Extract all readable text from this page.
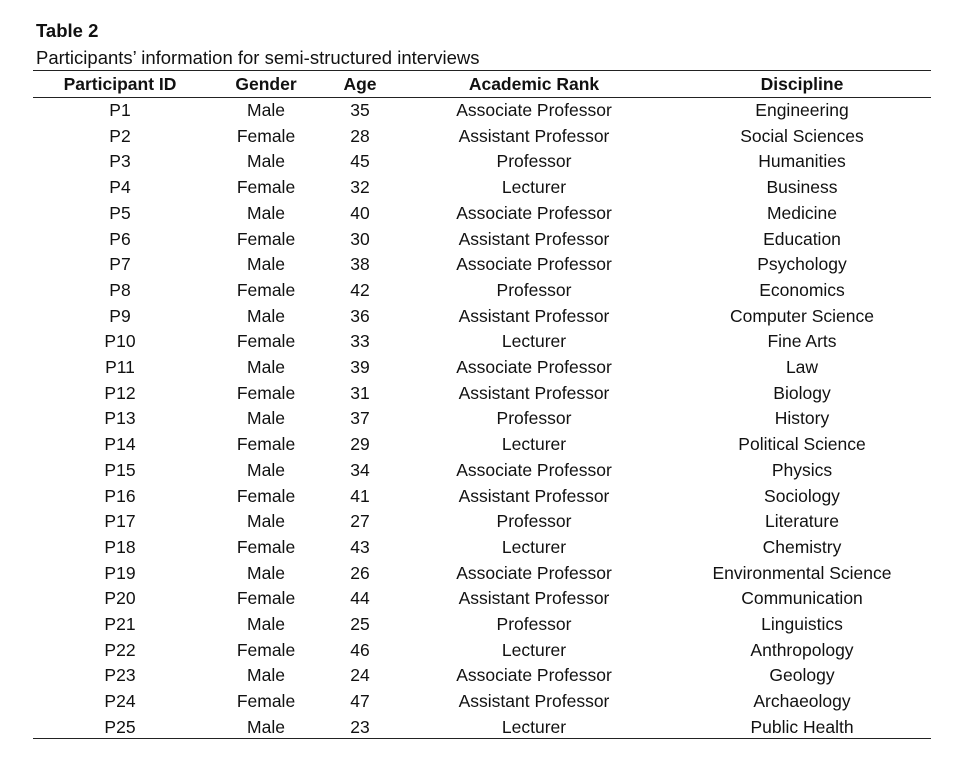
Table 2
Participants’ information for semi-structured interviews
Participant ID	Gender	Age	Academic Rank	Discipline
P1	Male	35	Associate Professor	Engineering
P2	Female	28	Assistant Professor	Social Sciences
P3	Male	45	Professor	Humanities
P4	Female	32	Lecturer	Business
P5	Male	40	Associate Professor	Medicine
P6	Female	30	Assistant Professor	Education
P7	Male	38	Associate Professor	Psychology
P8	Female	42	Professor	Economics
P9	Male	36	Assistant Professor	Computer Science
P10	Female	33	Lecturer	Fine Arts
P11	Male	39	Associate Professor	Law
P12	Female	31	Assistant Professor	Biology
P13	Male	37	Professor	History
P14	Female	29	Lecturer	Political Science
P15	Male	34	Associate Professor	Physics
P16	Female	41	Assistant Professor	Sociology
P17	Male	27	Professor	Literature
P18	Female	43	Lecturer	Chemistry
P19	Male	26	Associate Professor	Environmental Science
P20	Female	44	Assistant Professor	Communication
P21	Male	25	Professor	Linguistics
P22	Female	46	Lecturer	Anthropology
P23	Male	24	Associate Professor	Geology
P24	Female	47	Assistant Professor	Archaeology
P25	Male	23	Lecturer	Public Health
